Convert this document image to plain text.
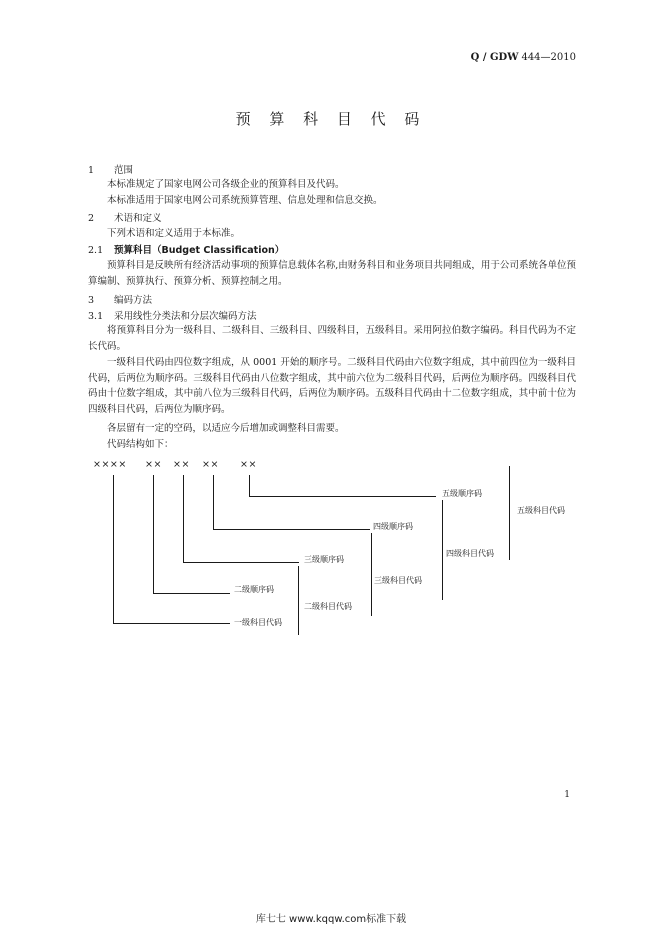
Q / GDW 444—2010
预 算 科 目 代 码
1 范围
本标准规定了国家电网公司各级企业的预算科目及代码。
本标准适用于国家电网公司系统预算管理、信息处理和信息交换。
2 术语和定义
下列术语和定义适用于本标准。
2.1 预算科目（Budget Classification）
预算科目是反映所有经济活动事项的预算信息载体名称,由财务科目和业务项目共同组成，用于公司系统各单位预算编制、预算执行、预算分析、预算控制之用。
3 编码方法
3.1 采用线性分类法和分层次编码方法
将预算科目分为一级科目、二级科目、三级科目、四级科目，五级科目。采用阿拉伯数字编码。科目代码为不定长代码。
一级科目代码由四位数字组成，从 0001 开始的顺序号。二级科目代码由六位数字组成，其中前四位为一级科目代码，后两位为顺序码。三级科目代码由八位数字组成，其中前六位为二级科目代码，后两位为顺序码。四级科目代码由十位数字组成，其中前八位为三级科目代码，后两位为顺序码。五级科目代码由十二位数字组成，其中前十位为四级科目代码，后两位为顺序码。
各层留有一定的空码，以适应今后增加或调整科目需要。
代码结构如下：
×××× ×× ×× ×× ××
五级顺序码
五级科目代码
四级顺序码
四级科目代码
三级顺序码
三级科目代码
二级顺序码
二级科目代码
一级科目代码
1
库七七 www.kqqw.com标准下载
